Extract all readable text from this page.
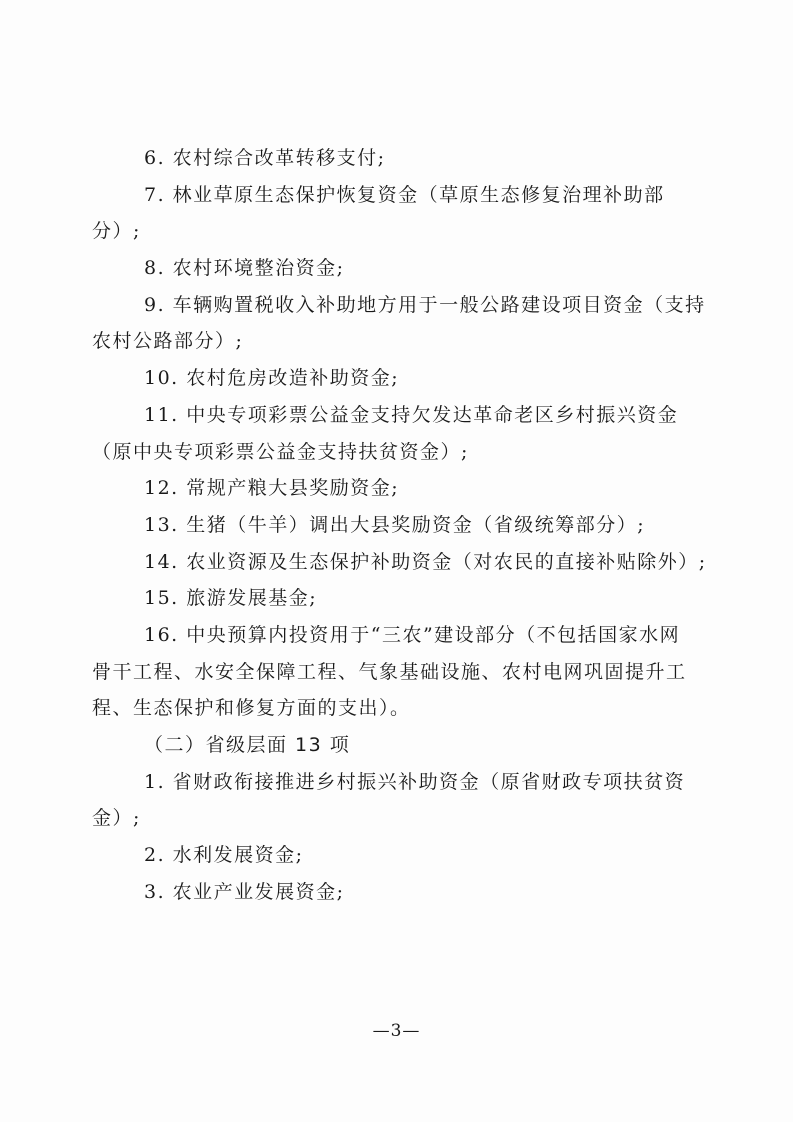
6. 农村综合改革转移支付;
7. 林业草原生态保护恢复资金（草原生态修复治理补助部
分）;
8. 农村环境整治资金;
9. 车辆购置税收入补助地方用于一般公路建设项目资金（支持
农村公路部分）;
10. 农村危房改造补助资金;
11. 中央专项彩票公益金支持欠发达革命老区乡村振兴资金
（原中央专项彩票公益金支持扶贫资金）;
12. 常规产粮大县奖励资金;
13. 生猪（牛羊）调出大县奖励资金（省级统筹部分）;
14. 农业资源及生态保护补助资金（对农民的直接补贴除外）;
15. 旅游发展基金;
16. 中央预算内投资用于“三农”建设部分（不包括国家水网
骨干工程、水安全保障工程、气象基础设施、农村电网巩固提升工
程、生态保护和修复方面的支出）。
（二）省级层面 13 项
1. 省财政衔接推进乡村振兴补助资金（原省财政专项扶贫资
金）;
2. 水利发展资金;
3. 农业产业发展资金;
—3—
